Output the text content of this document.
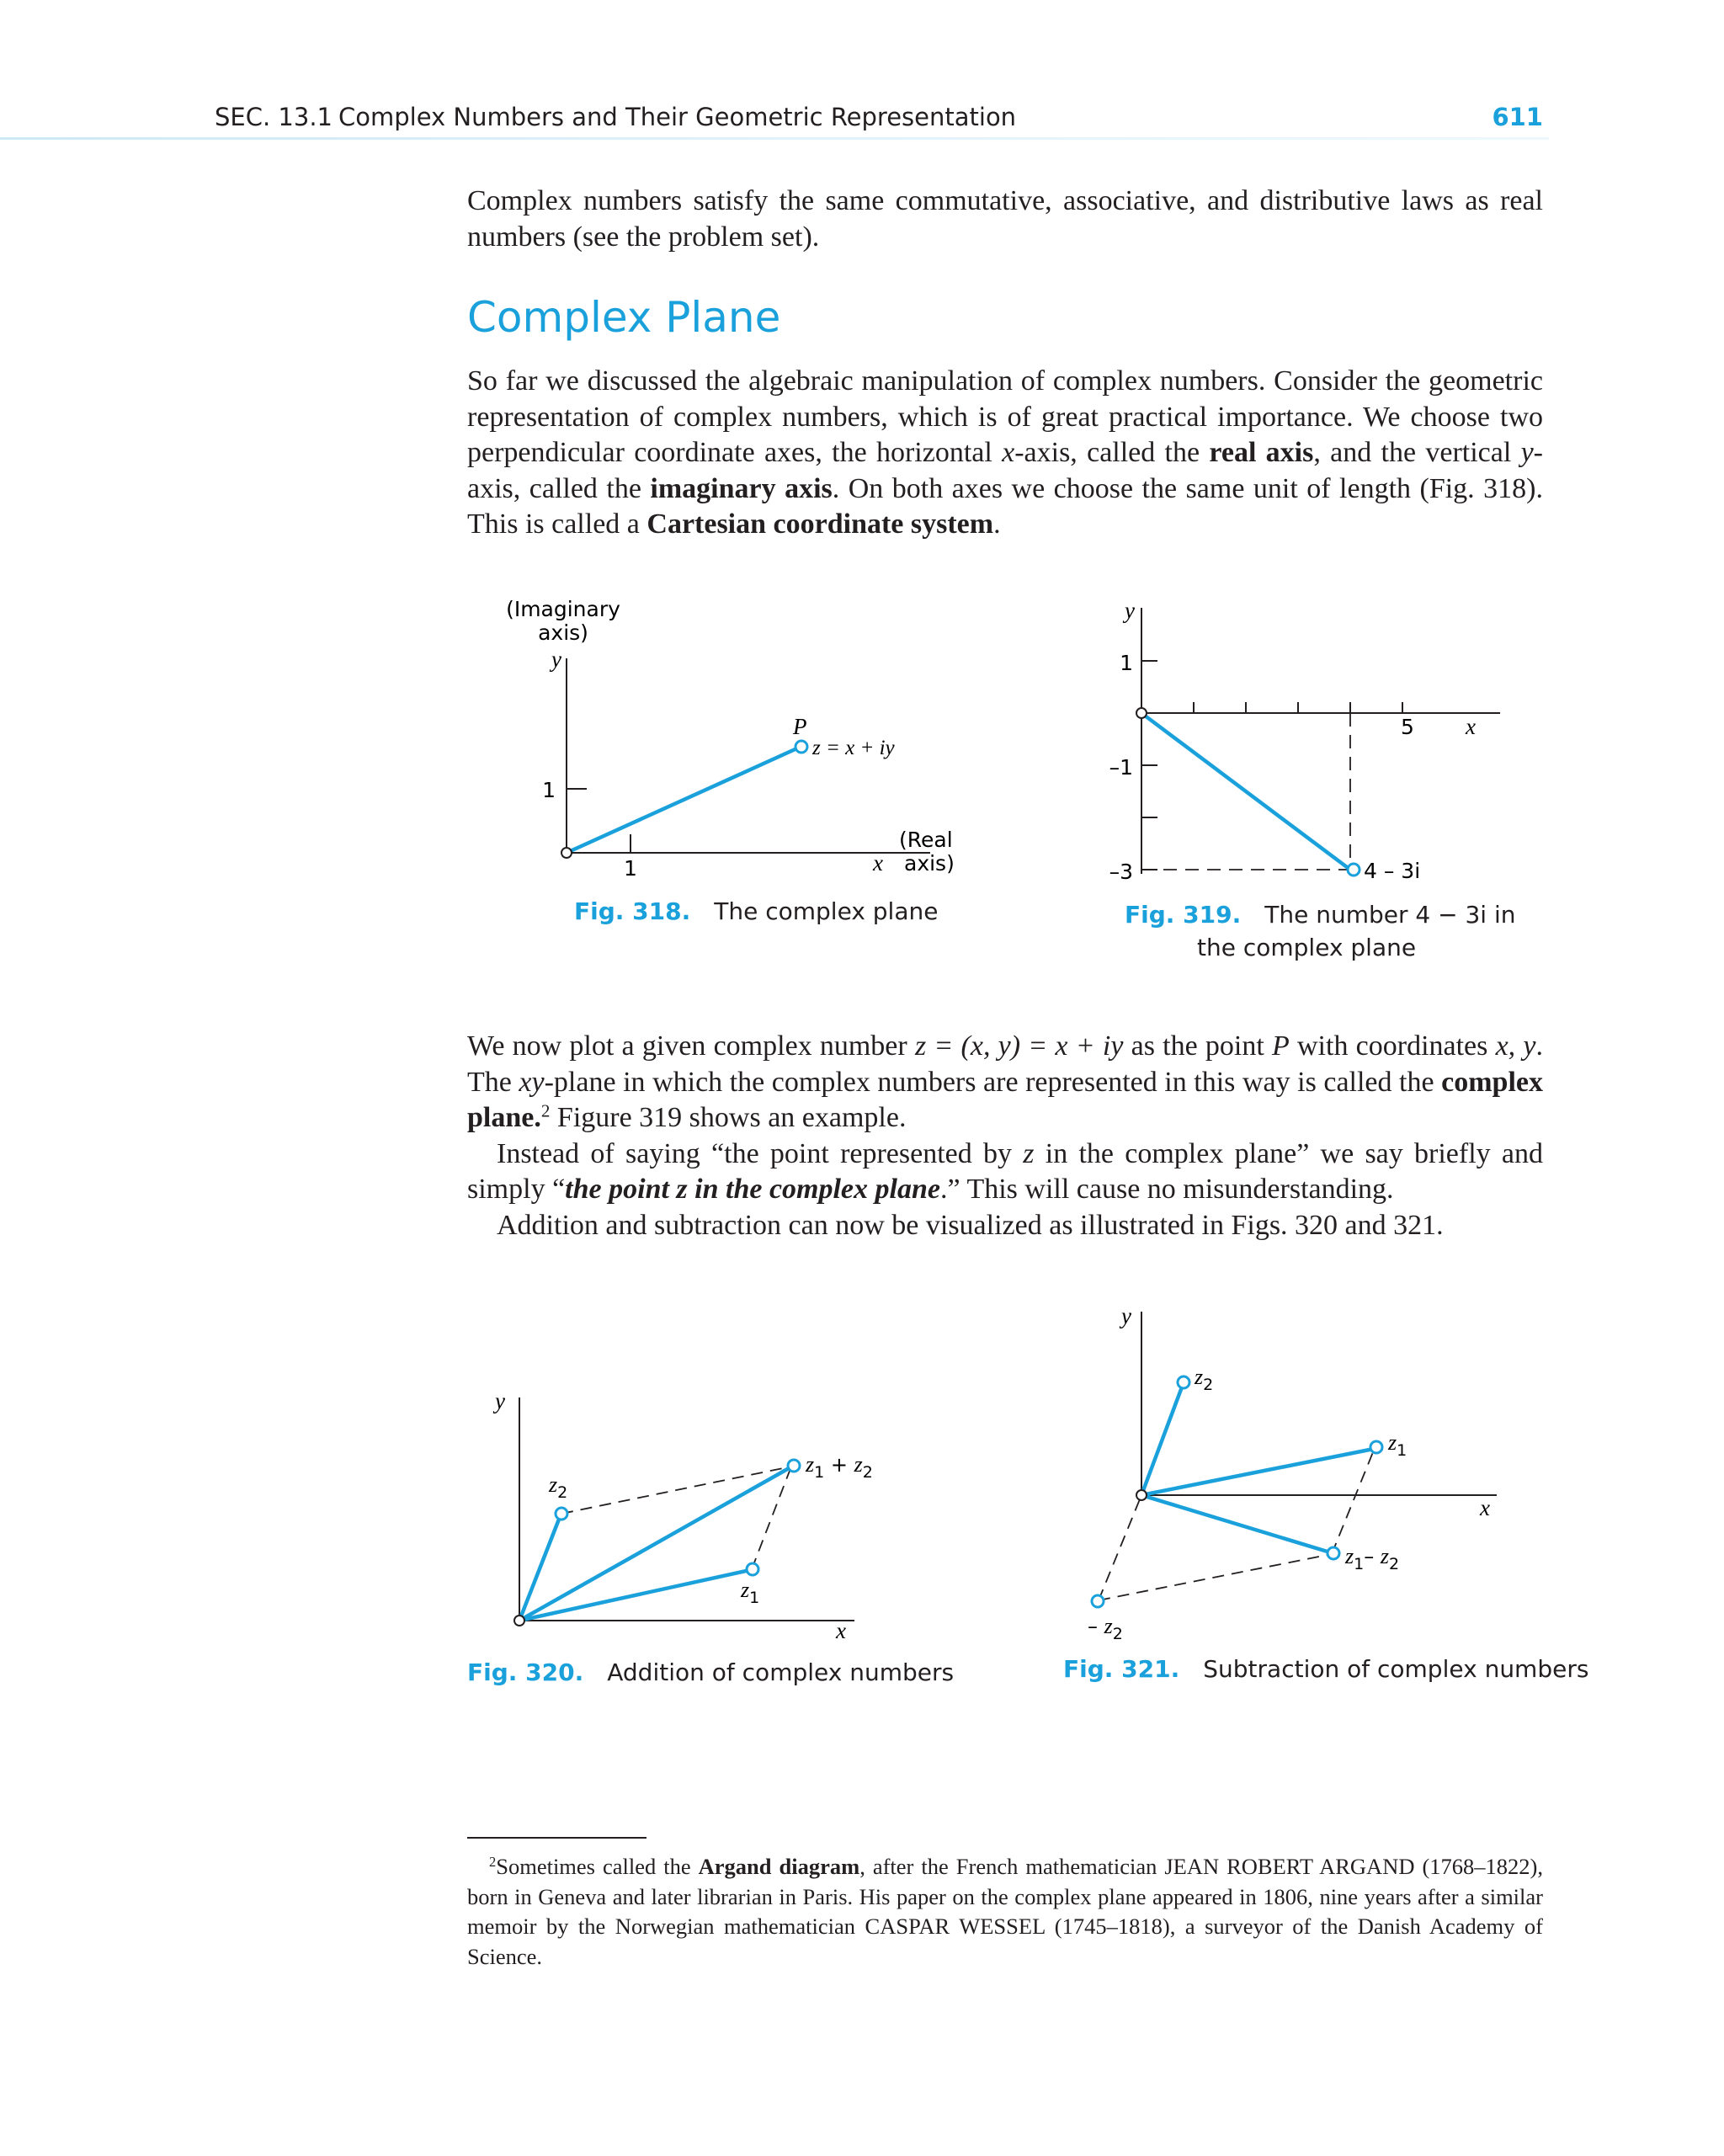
SEC. 13.1 Complex Numbers and Their Geometric Representation	611

Complex numbers satisfy the same commutative, associative, and distributive laws as real numbers (see the problem set).

Complex Plane

So far we discussed the algebraic manipulation of complex numbers. Consider the geometric representation of complex numbers, which is of great practical importance. We choose two perpendicular coordinate axes, the horizontal x-axis, called the real axis, and the vertical y-axis, called the imaginary axis. On both axes we choose the same unit of length (Fig. 318). This is called a Cartesian coordinate system.

(Imaginary
axis)
y
1
1
P
z = x + iy
x
(Real
axis)
Fig. 318. The complex plane
y
1
–1
–3
5 x
4 – 3i
Fig. 319. The number 4 − 3i in
the complex plane

We now plot a given complex number z = (x, y) = x + iy as the point P with coordinates x, y. The xy-plane in which the complex numbers are represented in this way is called the complex plane.$^2$ Figure 319 shows an example.

Instead of saying “the point represented by z in the complex plane” we say briefly and simply “the point z in the complex plane.” This will cause no misunderstanding.

Addition and subtraction can now be visualized as illustrated in Figs. 320 and 321.

y
x
$z_2$
$z_1$
$z_1 + z_2$
Fig. 320. Addition of complex numbers
y
x
$z_2$
$z_1$
$z_1-$ $z_2$
– $z_2$
Fig. 321. Subtraction of complex numbers

$^2$Sometimes called the Argand diagram, after the French mathematician JEAN ROBERT ARGAND (1768–1822), born in Geneva and later librarian in Paris. His paper on the complex plane appeared in 1806, nine years after a similar memoir by the Norwegian mathematician CASPAR WESSEL (1745–1818), a surveyor of the Danish Academy of Science.
